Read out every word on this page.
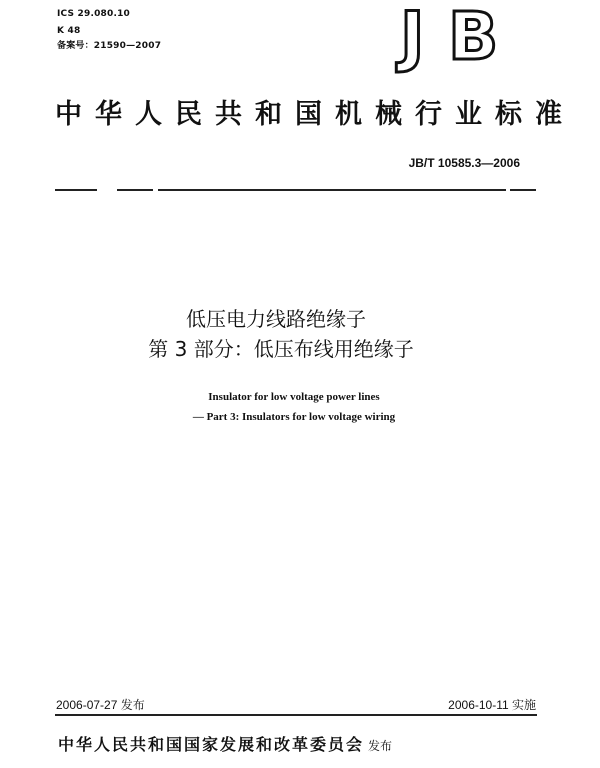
ICS 29.080.10
K 48
备案号：21590—2007	J B
中华人民共和国机械行业标准
JB/T 10585.3—2006
低压电力线路绝缘子
第 3 部分：低压布线用绝缘子
Insulator for low voltage power lines
— Part 3: Insulators for low voltage wiring
2006-07-27 发布	2006-10-11 实施
中华人民共和国国家发展和改革委员会 发布
